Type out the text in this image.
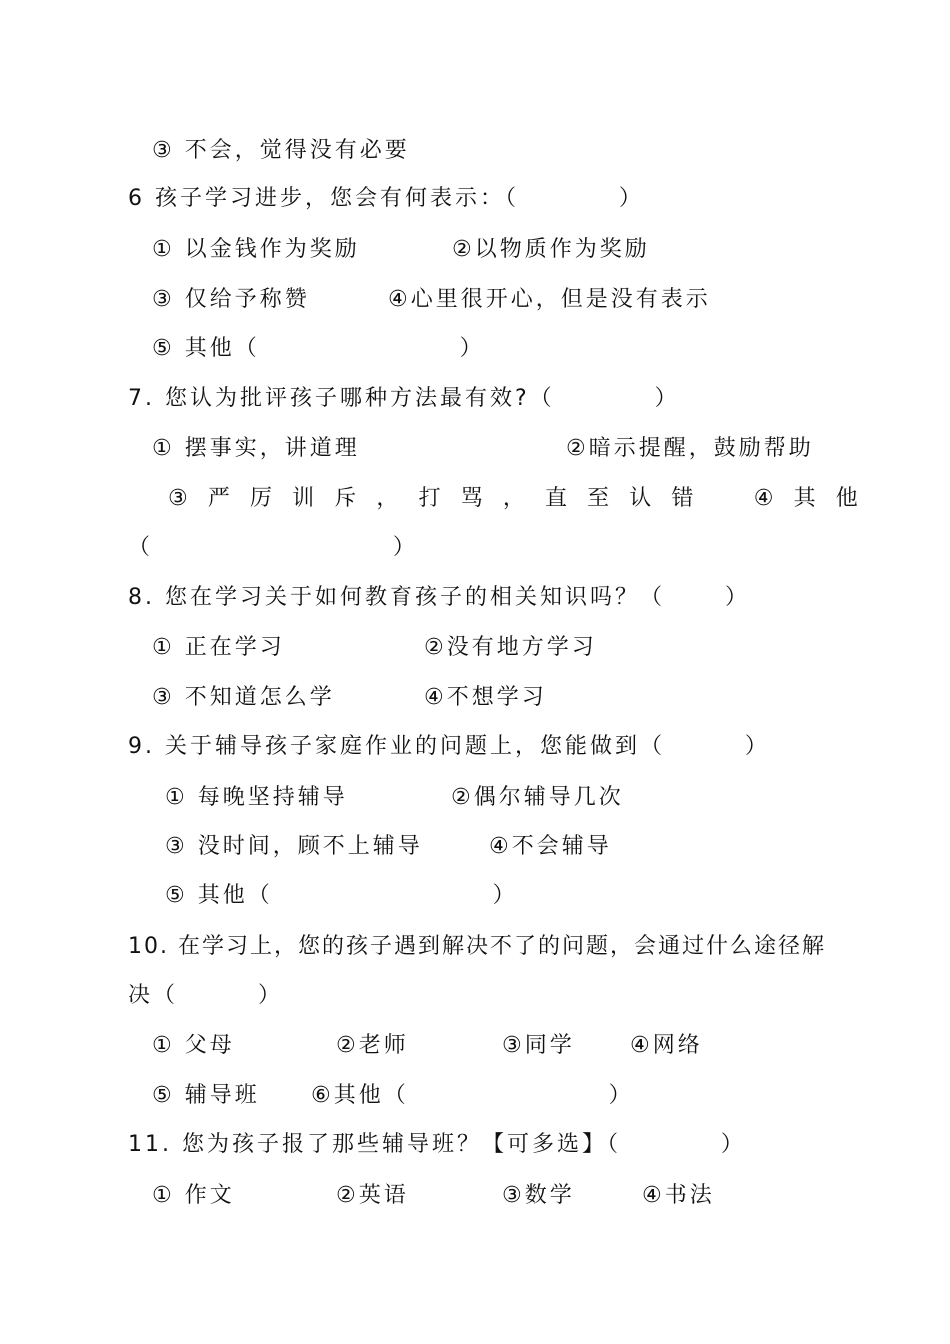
③ 不会，觉得没有必要
6 孩子学习进步，您会有何表示：（          ）
① 以金钱作为奖励	②以物质作为奖励
③ 仅给予称赞	④心里很开心，但是没有表示
⑤ 其他（                    ）
7. 您认为批评孩子哪种方法最有效?（          ）
① 摆事实，讲道理	②暗示提醒，鼓励帮助
③ 严 厉 训 斥 ， 打 骂 ， 直 至 认 错	④ 其 他
（                        ）
8. 您在学习关于如何教育孩子的相关知识吗？（      ）
① 正在学习	②没有地方学习
③ 不知道怎么学	④不想学习
9. 关于辅导孩子家庭作业的问题上，您能做到（        ）
① 每晚坚持辅导	②偶尔辅导几次
③ 没时间，顾不上辅导	④不会辅导
⑤ 其他（                      ）
10. 在学习上，您的孩子遇到解决不了的问题，会通过什么途径解
决（        ）
① 父母	②老师	③同学	④网络
⑤ 辅导班 ⑥其他（                    ）
11. 您为孩子报了那些辅导班？【可多选】（          ）
① 作文	②英语	③数学	④书法
